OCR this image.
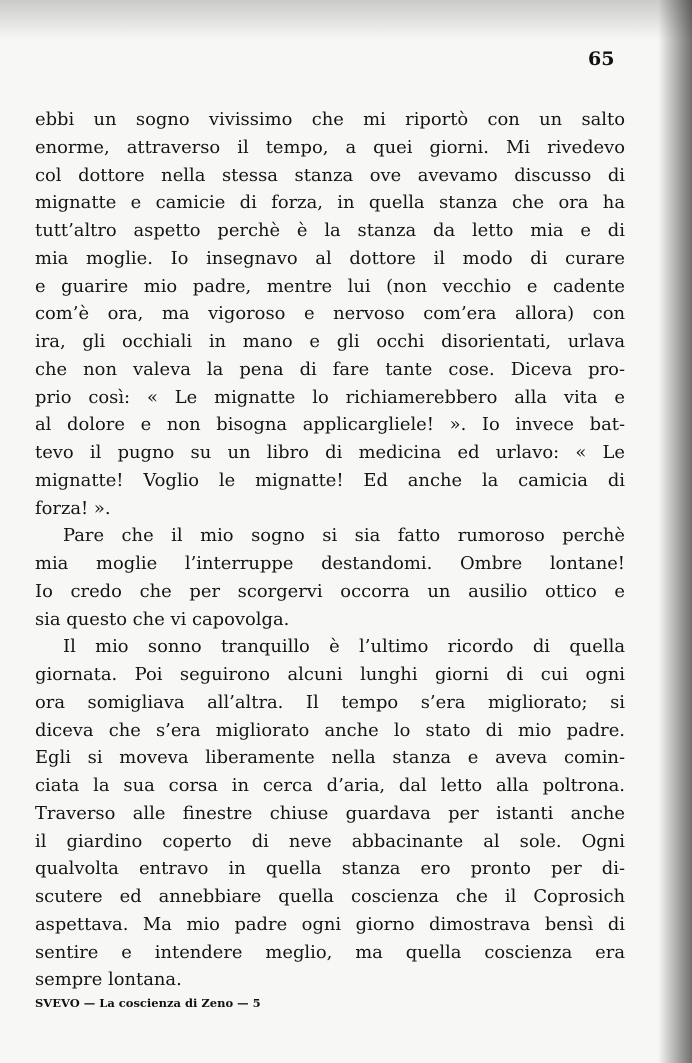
65
ebbi un sogno vivissimo che mi riportò con un salto
enorme, attraverso il tempo, a quei giorni. Mi rivedevo
col dottore nella stessa stanza ove avevamo discusso di
mignatte e camicie di forza, in quella stanza che ora ha
tutt’altro aspetto perchè è la stanza da letto mia e di
mia moglie. Io insegnavo al dottore il modo di curare
e guarire mio padre, mentre lui (non vecchio e cadente
com’è ora, ma vigoroso e nervoso com’era allora) con
ira, gli occhiali in mano e gli occhi disorientati, urlava
che non valeva la pena di fare tante cose. Diceva pro-
prio così: « Le mignatte lo richiamerebbero alla vita e
al dolore e non bisogna applicargliele! ». Io invece bat-
tevo il pugno su un libro di medicina ed urlavo: « Le
mignatte! Voglio le mignatte! Ed anche la camicia di
forza! ».
Pare che il mio sogno si sia fatto rumoroso perchè
mia moglie l’interruppe destandomi. Ombre lontane!
Io credo che per scorgervi occorra un ausilio ottico e
sia questo che vi capovolga.
Il mio sonno tranquillo è l’ultimo ricordo di quella
giornata. Poi seguirono alcuni lunghi giorni di cui ogni
ora somigliava all’altra. Il tempo s’era migliorato; si
diceva che s’era migliorato anche lo stato di mio padre.
Egli si moveva liberamente nella stanza e aveva comin-
ciata la sua corsa in cerca d’aria, dal letto alla poltrona.
Traverso alle finestre chiuse guardava per istanti anche
il giardino coperto di neve abbacinante al sole. Ogni
qualvolta entravo in quella stanza ero pronto per di-
scutere ed annebbiare quella coscienza che il Coprosich
aspettava. Ma mio padre ogni giorno dimostrava bensì di
sentire e intendere meglio, ma quella coscienza era
sempre lontana.
SVEVO — La coscienza di Zeno — 5
